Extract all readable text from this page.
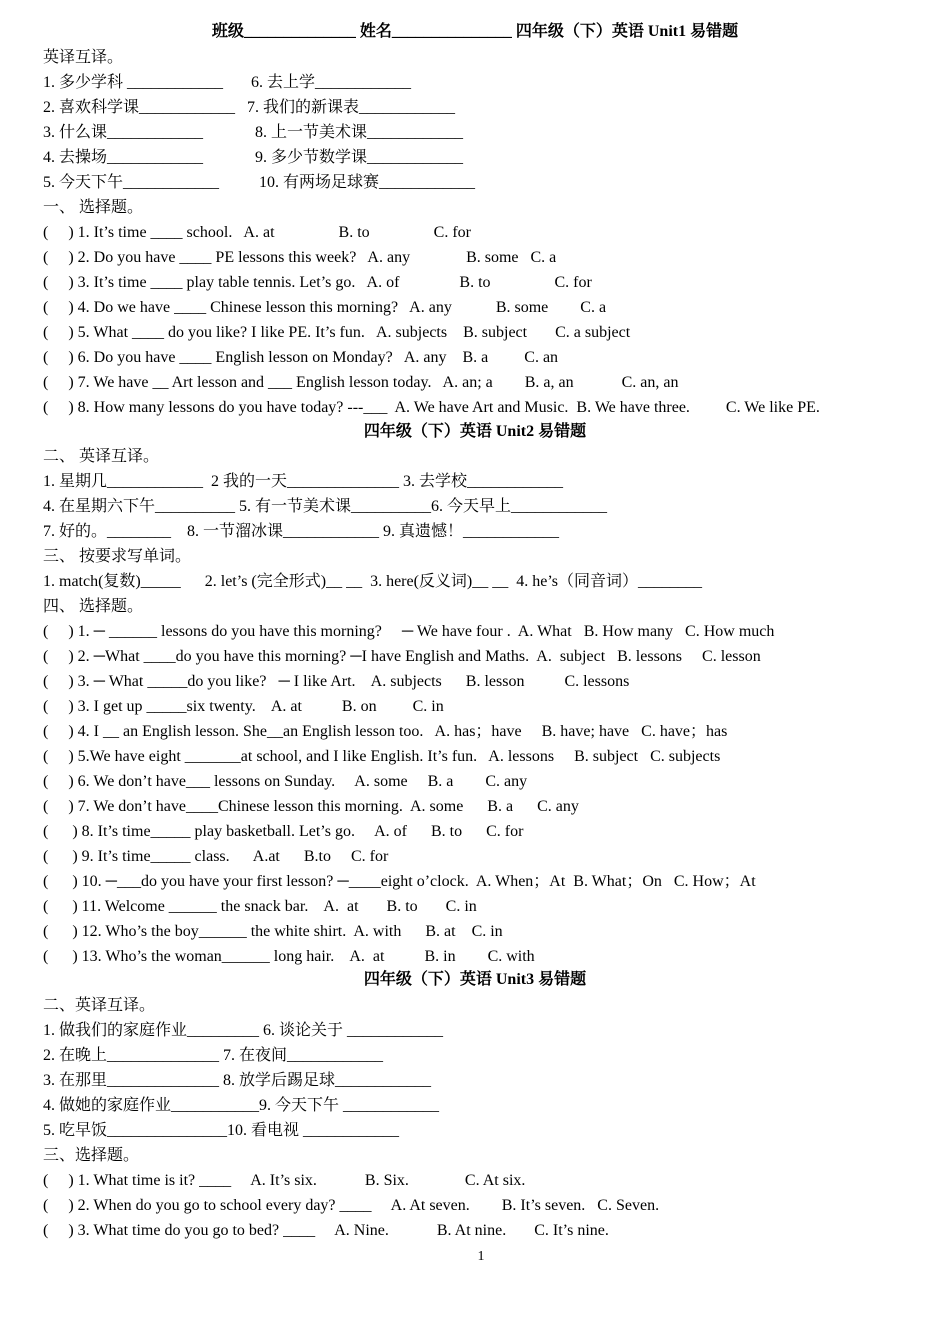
班级______________ 姓名_______________ 四年级（下）英语 Unit1 易错题
英译互译。
1. 多少学科 ____________       6. 去上学____________
2. 喜欢科学课____________   7. 我们的新课表____________
3. 什么课____________             8. 上一节美术课____________
4. 去操场____________             9. 多少节数学课____________
5. 今天下午____________          10. 有两场足球赛____________
一、 选择题。
(     ) 1. It’s time ____ school.   A. at                B. to                C. for
(     ) 2. Do you have ____ PE lessons this week?   A. any              B. some   C. a
(     ) 3. It’s time ____ play table tennis. Let’s go.   A. of               B. to                C. for
(     ) 4. Do we have ____ Chinese lesson this morning?   A. any           B. some        C. a
(     ) 5. What ____ do you like? I like PE. It’s fun.   A. subjects    B. subject       C. a subject
(     ) 6. Do you have ____ English lesson on Monday?   A. any    B. a         C. an
(     ) 7. We have __ Art lesson and ___ English lesson today.   A. an; a        B. a, an            C. an, an
(     ) 8. How many lessons do you have today? ---___  A. We have Art and Music.  B. We have three.         C. We like PE.
四年级（下）英语 Unit2 易错题
二、 英译互译。
1. 星期几____________  2 我的一天______________ 3. 去学校____________
4. 在星期六下午__________ 5. 有一节美术课__________6. 今天早上____________
7. 好的。________    8. 一节溜冰课____________ 9. 真遗憾！____________
三、 按要求写单词。
1. match(复数)_____      2. let’s (完全形式)__ __  3. here(反义词)__ __  4. he’s（同音词）________
四、 选择题。
(     ) 1. ─ ______ lessons do you have this morning?     ─ We have four .  A. What   B. How many   C. How much
(     ) 2. ─What ____do you have this morning? ─I have English and Maths.  A.  subject   B. lessons     C. lesson
(     ) 3. ─ What _____do you like?   ─ I like Art.    A. subjects      B. lesson          C. lessons
(     ) 3. I get up _____six twenty.    A. at          B. on         C. in
(     ) 4. I __ an English lesson. She__an English lesson too.   A. has；have     B. have; have   C. have；has
(     ) 5.We have eight _______at school, and I like English. It’s fun.   A. lessons     B. subject   C. subjects
(     ) 6. We don’t have___ lessons on Sunday.     A. some     B. a        C. any
(     ) 7. We don’t have____Chinese lesson this morning.  A. some      B. a      C. any
(      ) 8. It’s time_____ play basketball. Let’s go.     A. of      B. to      C. for
(      ) 9. It’s time_____ class.      A.at      B.to     C. for
(      ) 10. ─___do you have your first lesson? ─____eight o’clock.  A. When；At  B. What；On   C. How；At
(      ) 11. Welcome ______ the snack bar.    A.  at       B. to       C. in
(      ) 12. Who’s the boy______ the white shirt.  A. with      B. at    C. in
(      ) 13. Who’s the woman______ long hair.    A.  at          B. in        C. with
四年级（下）英语 Unit3 易错题
二、英译互译。
1. 做我们的家庭作业_________ 6. 谈论关于 ____________
2. 在晚上______________ 7. 在夜间____________
3. 在那里______________ 8. 放学后踢足球____________
4. 做她的家庭作业___________9. 今天下午 ____________
5. 吃早饭_______________10. 看电视 ____________
三、选择题。
(     ) 1. What time is it? ____     A. It’s six.            B. Six.              C. At six.
(     ) 2. When do you go to school every day? ____     A. At seven.        B. It’s seven.   C. Seven.
(     ) 3. What time do you go to bed? ____     A. Nine.            B. At nine.       C. It’s nine.
1
